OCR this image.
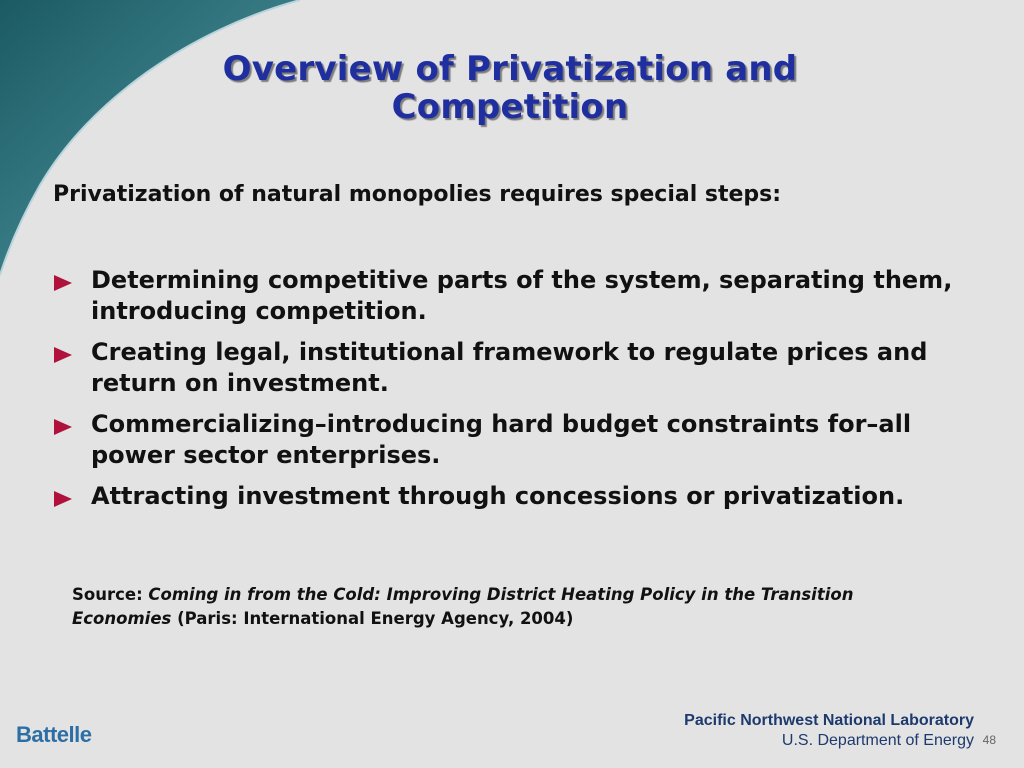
Overview of Privatization and
Competition
Privatization of natural monopolies requires special steps:
Determining competitive parts of the system, separating them, introducing competition.
Creating legal, institutional framework to regulate prices and return on investment.
Commercializing–introducing hard budget constraints for–all power sector enterprises.
Attracting investment through concessions or privatization.
Source: Coming in from the Cold: Improving District Heating Policy in the Transition Economies (Paris: International Energy Agency, 2004)
Battelle
Pacific Northwest National Laboratory
U.S. Department of Energy 48
